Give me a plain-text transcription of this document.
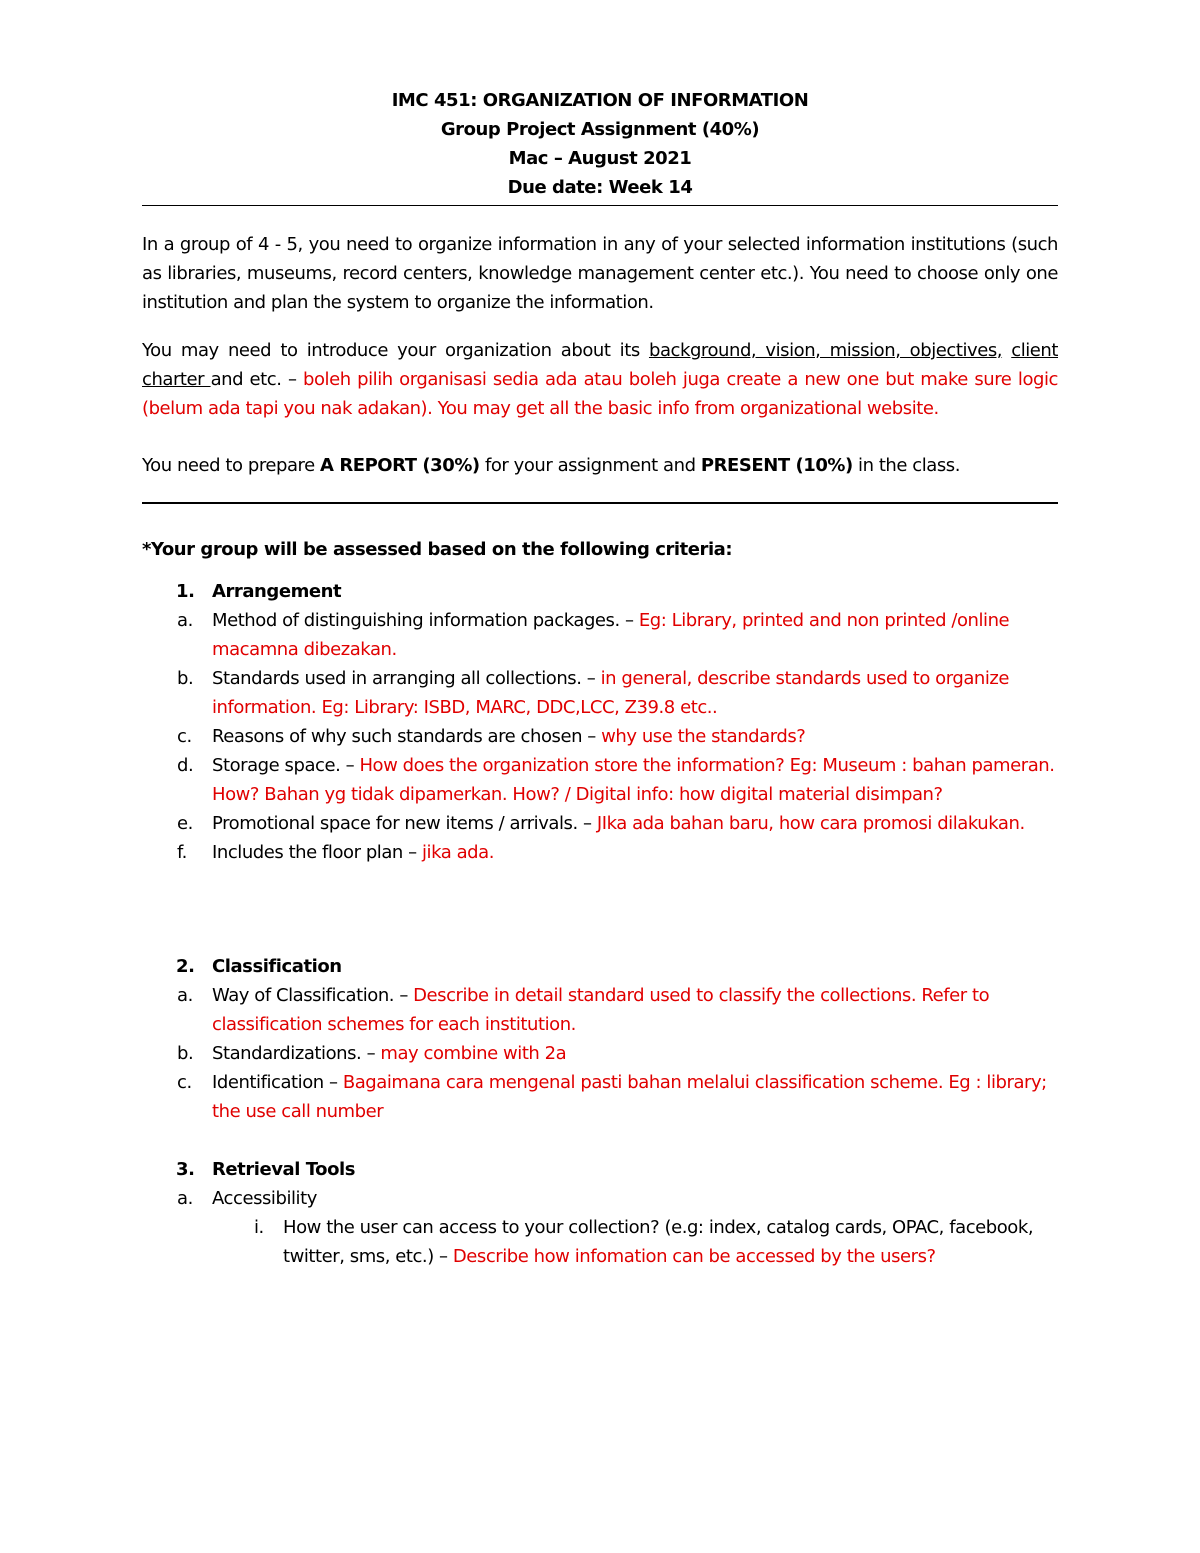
IMC 451: ORGANIZATION OF INFORMATION
Group Project Assignment (40%)
Mac – August 2021
Due date: Week 14

In a group of 4 - 5, you need to organize information in any of your selected information institutions (such as libraries, museums, record centers, knowledge management center etc.). You need to choose only one institution and plan the system to organize the information.

You may need to introduce your organization about its background, vision, mission, objectives, client charter and etc. – boleh pilih organisasi sedia ada atau boleh juga create a new one but make sure logic (belum ada tapi you nak adakan). You may get all the basic info from organizational website.

You need to prepare A REPORT (30%) for your assignment and PRESENT (10%) in the class.

*Your group will be assessed based on the following criteria:

1. Arrangement
a. Method of distinguishing information packages. – Eg: Library, printed and non printed /online macamna dibezakan.
b. Standards used in arranging all collections. – in general, describe standards used to organize information. Eg: Library: ISBD, MARC, DDC,LCC, Z39.8 etc..
c. Reasons of why such standards are chosen – why use the standards?
d. Storage space. – How does the organization store the information? Eg: Museum : bahan pameran. How? Bahan yg tidak dipamerkan. How? / Digital info: how digital material disimpan?
e. Promotional space for new items / arrivals. – JIka ada bahan baru, how cara promosi dilakukan.
f. Includes the floor plan – jika ada.
2. Classification
a. Way of Classification. – Describe in detail standard used to classify the collections. Refer to classification schemes for each institution.
b. Standardizations. – may combine with 2a
c. Identification – Bagaimana cara mengenal pasti bahan melalui classification scheme. Eg : library; the use call number
3. Retrieval Tools
a. Accessibility
i. How the user can access to your collection? (e.g: index, catalog cards, OPAC, facebook, twitter, sms, etc.) – Describe how infomation can be accessed by the users?
